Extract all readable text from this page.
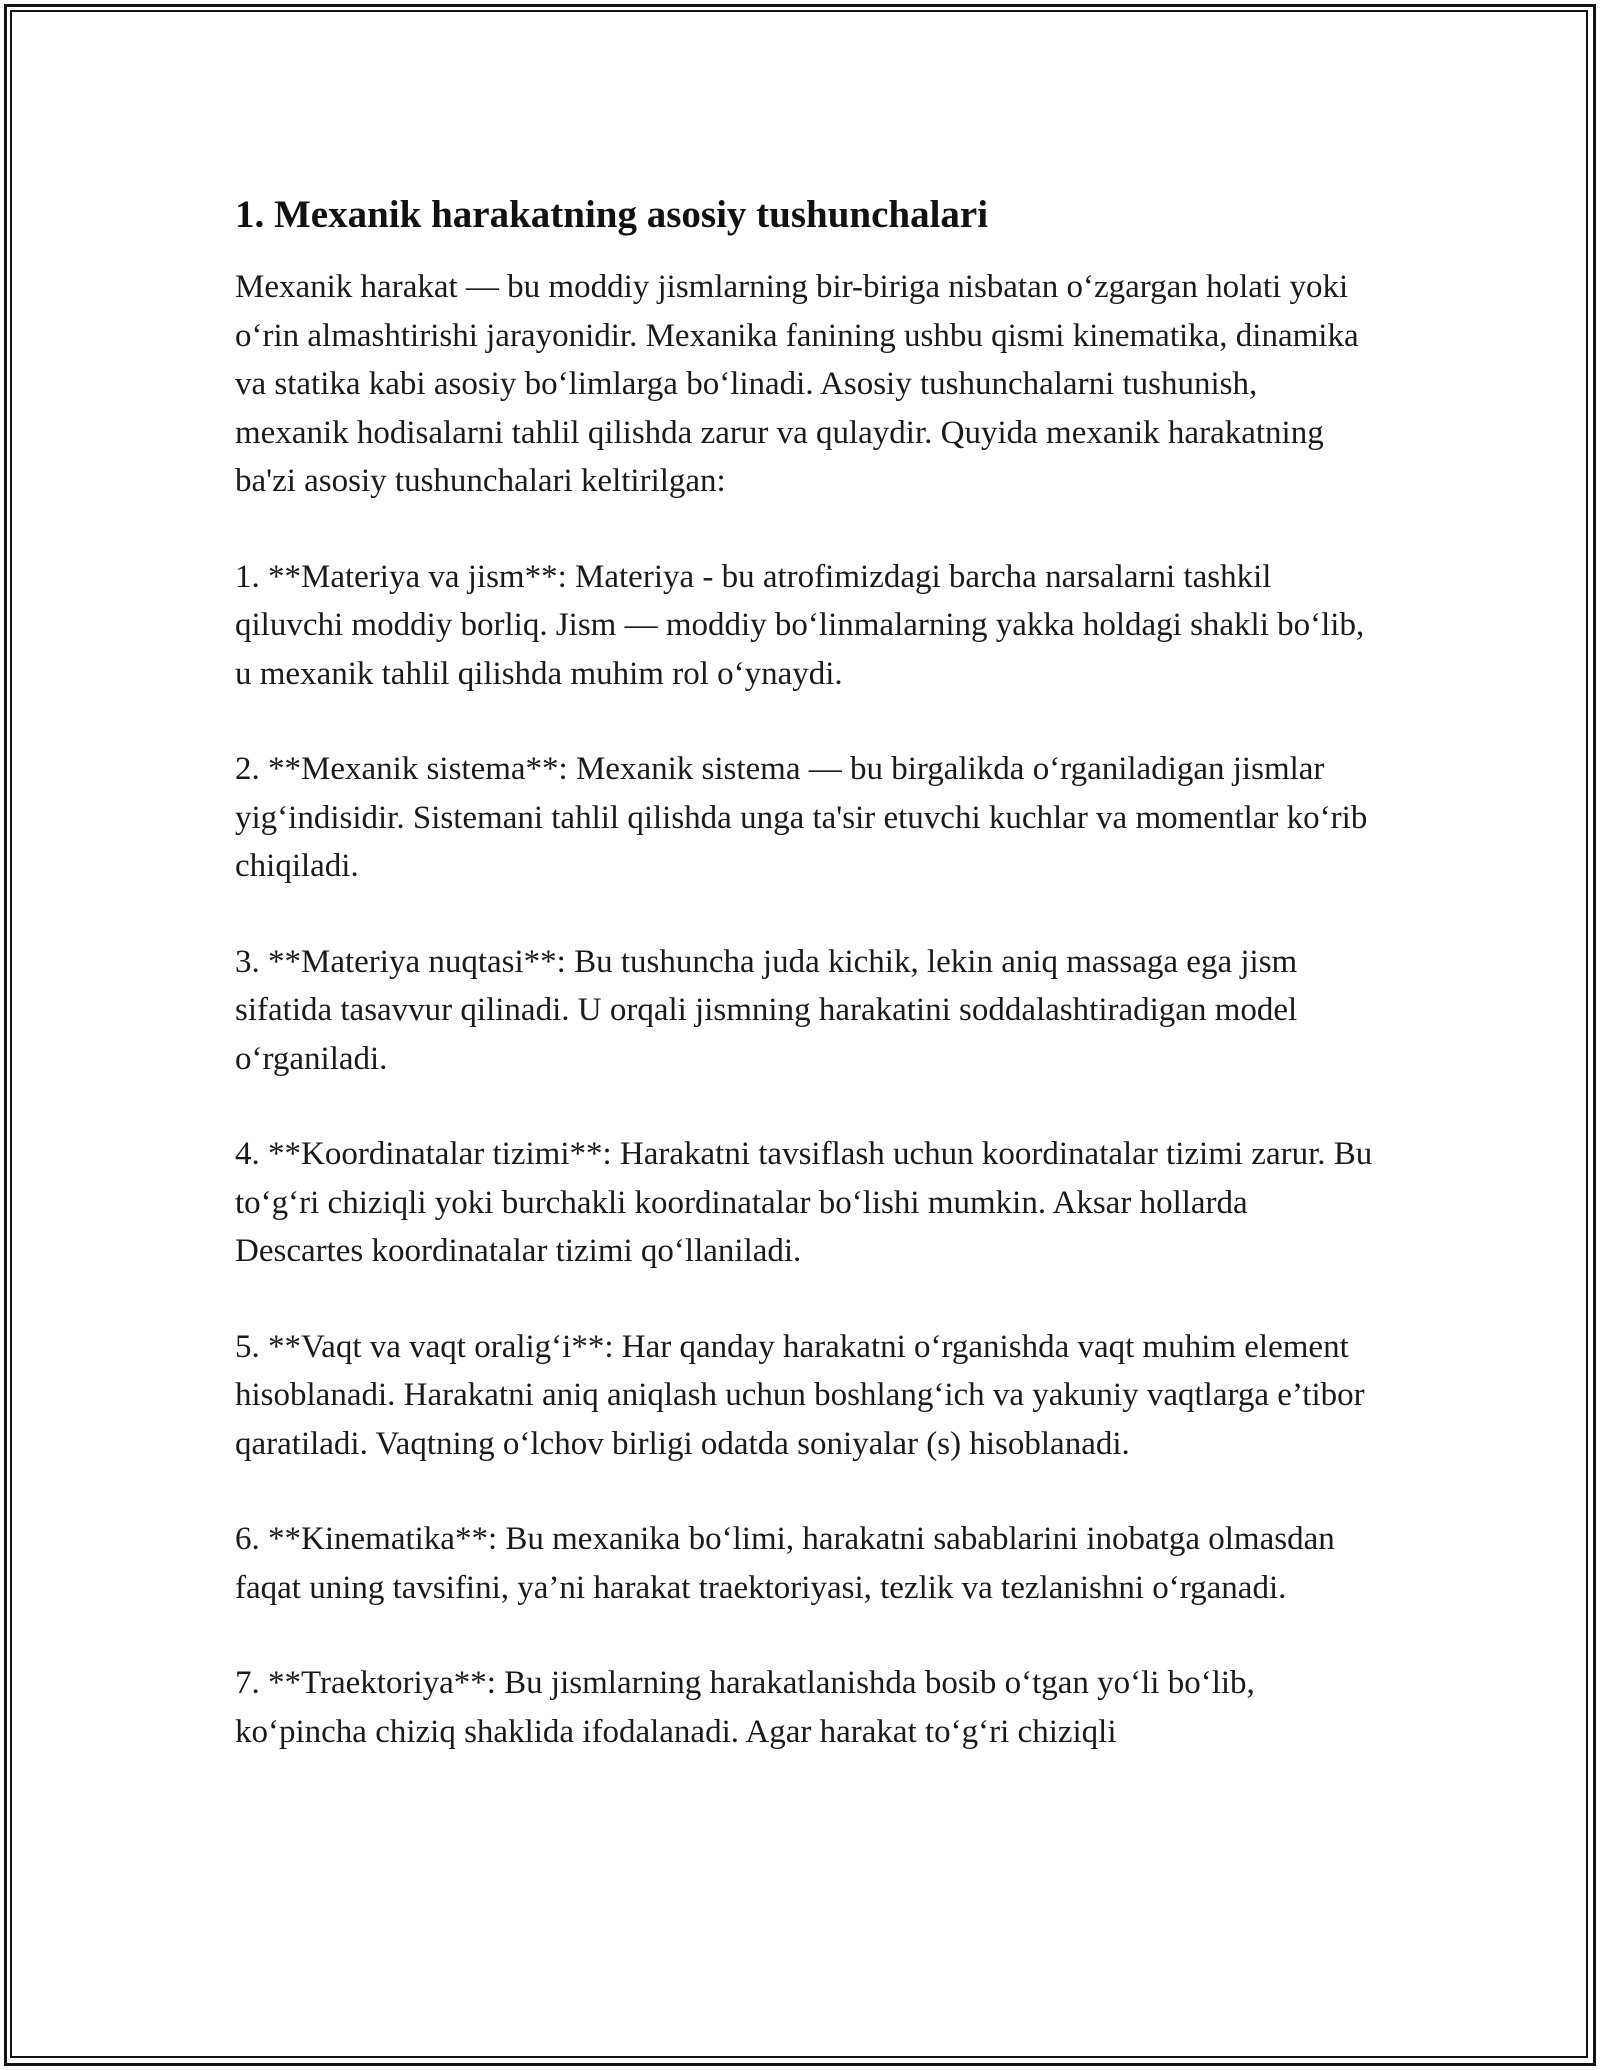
1. Mexanik harakatning asosiy tushunchalari

Mexanik harakat — bu moddiy jismlarning bir-biriga nisbatan oʻzgargan holati yoki oʻrin almashtirishi jarayonidir. Mexanika fanining ushbu qismi kinematika, dinamika va statika kabi asosiy boʻlimlarga boʻlinadi. Asosiy tushunchalarni tushunish, mexanik hodisalarni tahlil qilishda zarur va qulaydir. Quyida mexanik harakatning ba'zi asosiy tushunchalari keltirilgan:

1. **Materiya va jism**: Materiya - bu atrofimizdagi barcha narsalarni tashkil qiluvchi moddiy borliq. Jism — moddiy boʻlinmalarning yakka holdagi shakli boʻlib, u mexanik tahlil qilishda muhim rol oʻynaydi.

2. **Mexanik sistema**: Mexanik sistema — bu birgalikda oʻrganiladigan jismlar yigʻindisidir. Sistemani tahlil qilishda unga ta'sir etuvchi kuchlar va momentlar koʻrib chiqiladi.

3. **Materiya nuqtasi**: Bu tushuncha juda kichik, lekin aniq massaga ega jism sifatida tasavvur qilinadi. U orqali jismning harakatini soddalashtiradigan model oʻrganiladi.

4. **Koordinatalar tizimi**: Harakatni tavsiflash uchun koordinatalar tizimi zarur. Bu toʻgʻri chiziqli yoki burchakli koordinatalar boʻlishi mumkin. Aksar hollarda Descartes koordinatalar tizimi qoʻllaniladi.

5. **Vaqt va vaqt oraligʻi**: Har qanday harakatni oʻrganishda vaqt muhim element hisoblanadi. Harakatni aniq aniqlash uchun boshlangʻich va yakuniy vaqtlarga e’tibor qaratiladi. Vaqtning oʻlchov birligi odatda soniyalar (s) hisoblanadi.

6. **Kinematika**: Bu mexanika boʻlimi, harakatni sabablarini inobatga olmasdan faqat uning tavsifini, ya’ni harakat traektoriyasi, tezlik va tezlanishni oʻrganadi.

7. **Traektoriya**: Bu jismlarning harakatlanishda bosib oʻtgan yoʻli boʻlib, koʻpincha chiziq shaklida ifodalanadi. Agar harakat toʻgʻri chiziqli
